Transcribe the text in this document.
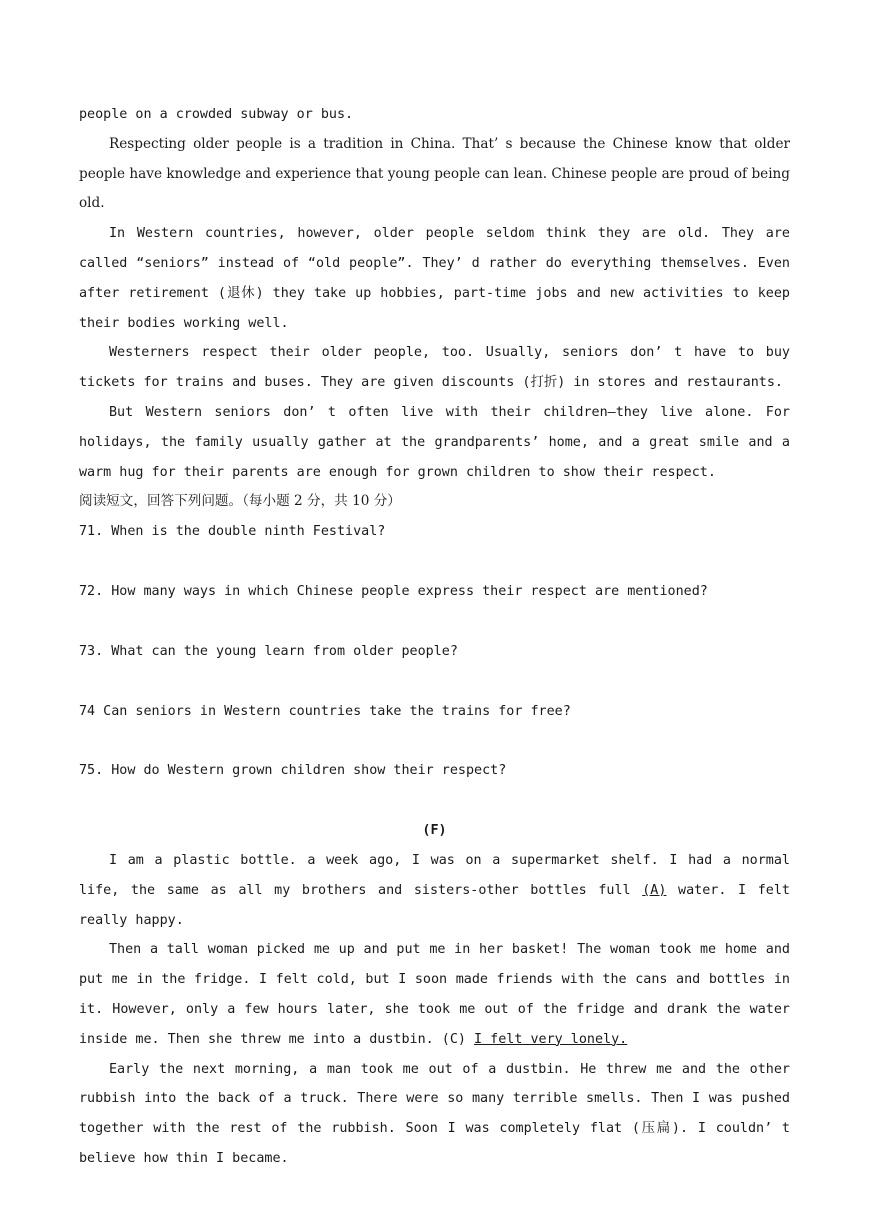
people on a crowded subway or bus.

Respecting older people is a tradition in China. That’ s because the Chinese know that older people have knowledge and experience that young people can lean. Chinese people are proud of being old.

In Western countries, however, older people seldom think they are old. They are called “seniors” instead of “old people”. They’ d rather do everything themselves. Even after retirement (退休) they take up hobbies, part-time jobs and new activities to keep their bodies working well.

Westerners respect their older people, too. Usually, seniors don’ t have to buy tickets for trains and buses. They are given discounts (打折) in stores and restaurants.

But Western seniors don’ t often live with their children—they live alone. For holidays, the family usually gather at the grandparents’ home, and a great smile and a warm hug for their parents are enough for grown children to show their respect.

阅读短文，回答下列问题。（每小题 2 分，共 10 分）

71. When is the double ninth Festival?

72. How many ways in which Chinese people express their respect are mentioned?

73. What can the young learn from older people?

74 Can seniors in Western countries take the trains for free?

75. How do Western grown children show their respect?

(F)

I am a plastic bottle. a week ago, I was on a supermarket shelf. I had a normal life, the same as all my brothers and sisters-other bottles full (A) water. I felt really happy.

Then a tall woman picked me up and put me in her basket! The woman took me home and put me in the fridge. I felt cold, but I soon made friends with the cans and bottles in it. However, only a few hours later, she took me out of the fridge and drank the water inside me. Then she threw me into a dustbin. (C) I felt very lonely.

Early the next morning, a man took me out of a dustbin. He threw me and the other rubbish into the back of a truck. There were so many terrible smells. Then I was pushed together with the rest of the rubbish. Soon I was completely flat (压扁). I couldn’ t believe how thin I became.
